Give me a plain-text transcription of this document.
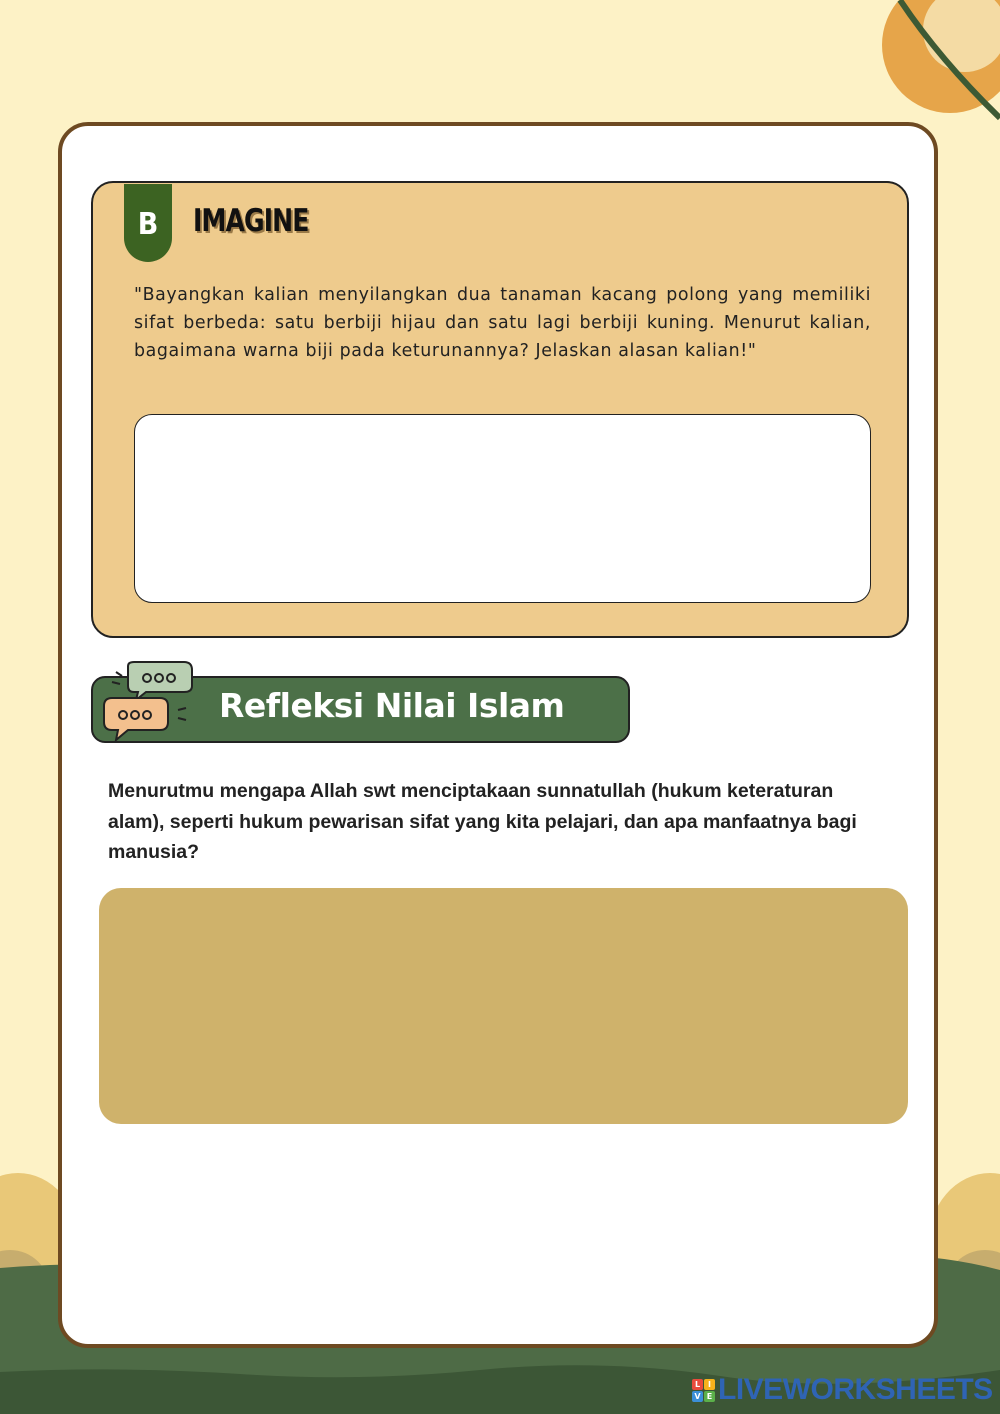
B	IMAGINE
"Bayangkan kalian menyilangkan dua tanaman kacang polong yang memiliki sifat berbeda: satu berbiji hijau dan satu lagi berbiji kuning. Menurut kalian, bagaimana warna biji pada keturunannya? Jelaskan alasan kalian!"
Refleksi Nilai Islam
Menurutmu mengapa Allah swt menciptakaan sunnatullah (hukum keteraturan alam), seperti hukum pewarisan sifat yang kita pelajari, dan apa manfaatnya bagi manusia?
L I
V E LIVEWORKSHEETS
